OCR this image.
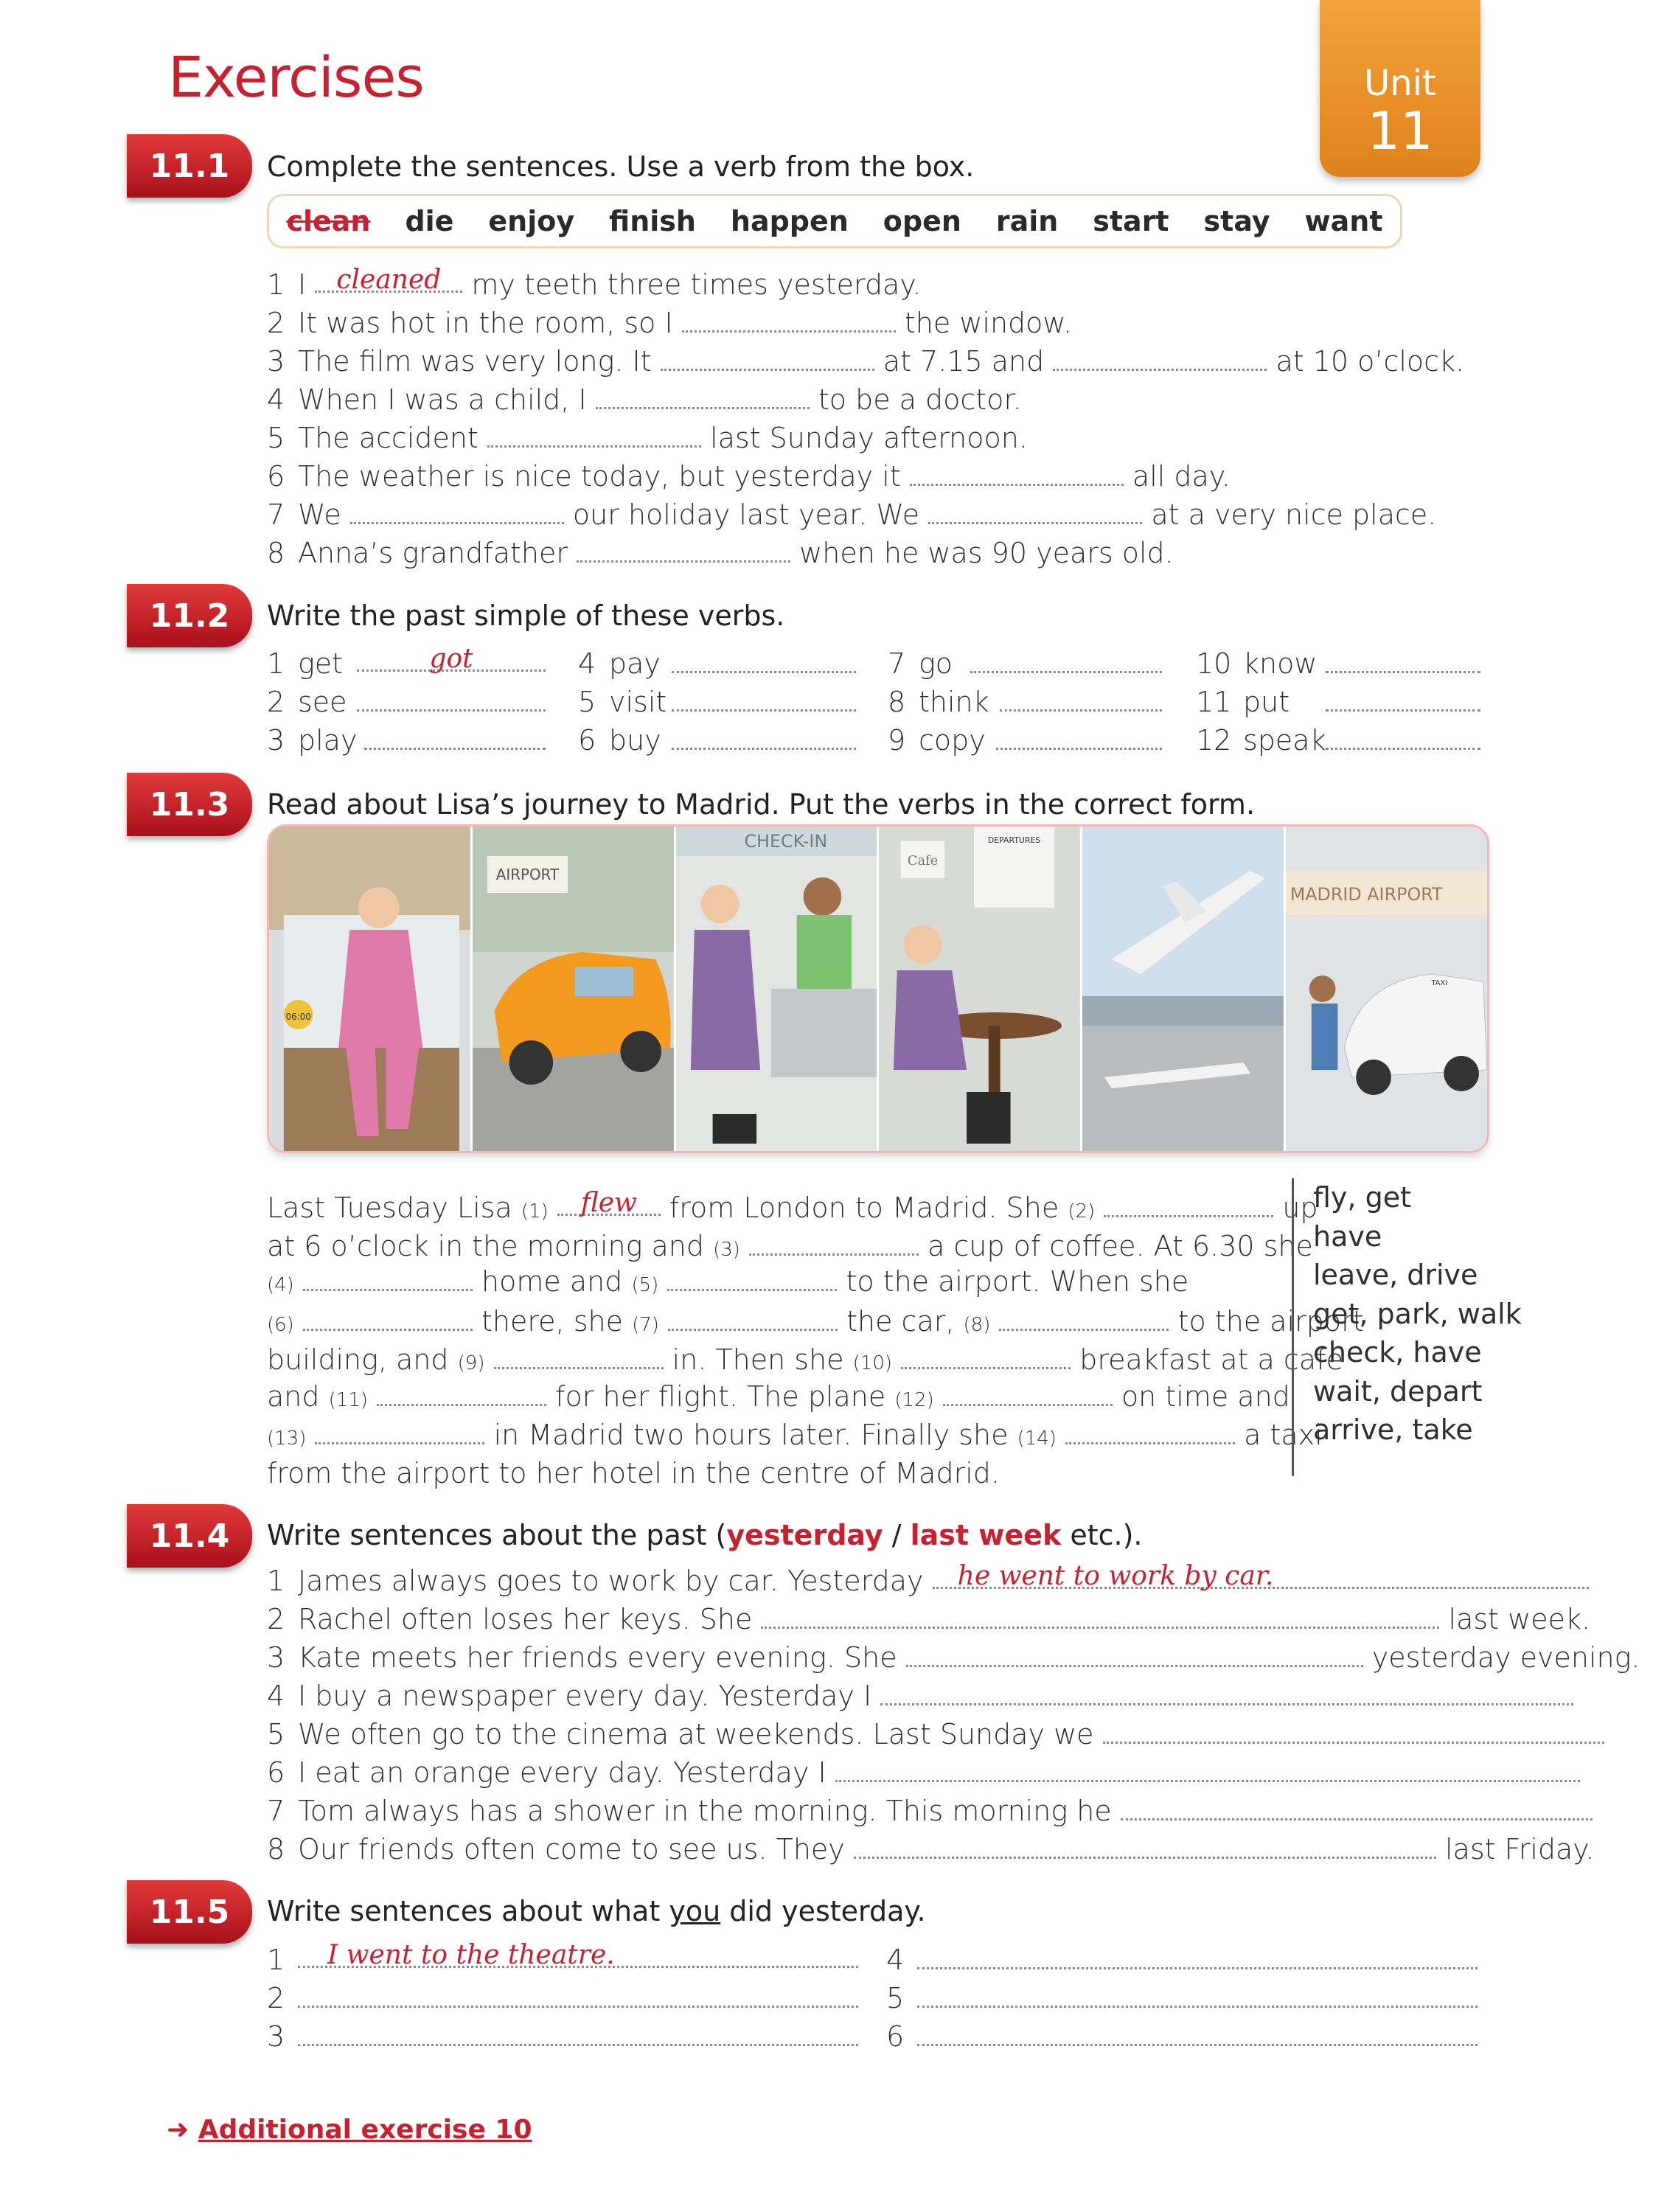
Exercises	Unit
11
11.1	Complete the sentences. Use a verb from the box.
clean die enjoy finish happen open rain start stay want
1 I cleaned my teeth three times yesterday.
2 It was hot in the room, so I	the window.
3 The film was very long. It	at 7.15 and	at 10 o’clock.
4 When I was a child, I	to be a doctor.
5 The accident	last Sunday afternoon.
6 The weather is nice today, but yesterday it	all day.
7 We	our holiday last year. We	at a very nice place.
8 Anna’s grandfather	when he was 90 years old.
11.2	Write the past simple of these verbs.
1 get	got
2 see
3 play
4 pay
5 visit
6 buy
7 go
8 think
9 copy
10 know
11 put
12 speak
11.3	Read about Lisa’s journey to Madrid. Put the verbs in the correct form.
06:00
AIRPORT
CHECK-IN
Cafe
DEPARTURES
MADRID AIRPORT
TAXI
Last Tuesday Lisa (1) flew from London to Madrid. She (2)	up
at 6 o’clock in the morning and (3)	a cup of coffee. At 6.30 she
(4)	home and (5)	to the airport. When she
(6)	there, she (7)	the car, (8)	to the airport
building, and (9)	in. Then she (10)	breakfast at a cafe
and (11)	for her flight. The plane (12)	on time and
(13)	in Madrid two hours later. Finally she (14)	a taxi
from the airport to her hotel in the centre of Madrid.
fly, get
have
leave, drive
get, park, walk
check, have
wait, depart
arrive, take
11.4	Write sentences about the past (yesterday / last week etc.).
1 James always goes to work by car. Yesterday he went to work by car.
2 Rachel often loses her keys. She	last week.
3 Kate meets her friends every evening. She	yesterday evening.
4 I buy a newspaper every day. Yesterday I
5 We often go to the cinema at weekends. Last Sunday we
6 I eat an orange every day. Yesterday I
7 Tom always has a shower in the morning. This morning he
8 Our friends often come to see us. They	last Friday.
11.5	Write sentences about what you did yesterday.
1 I went to the theatre.
2
3
4
5
6
➜ Additional exercise 10
